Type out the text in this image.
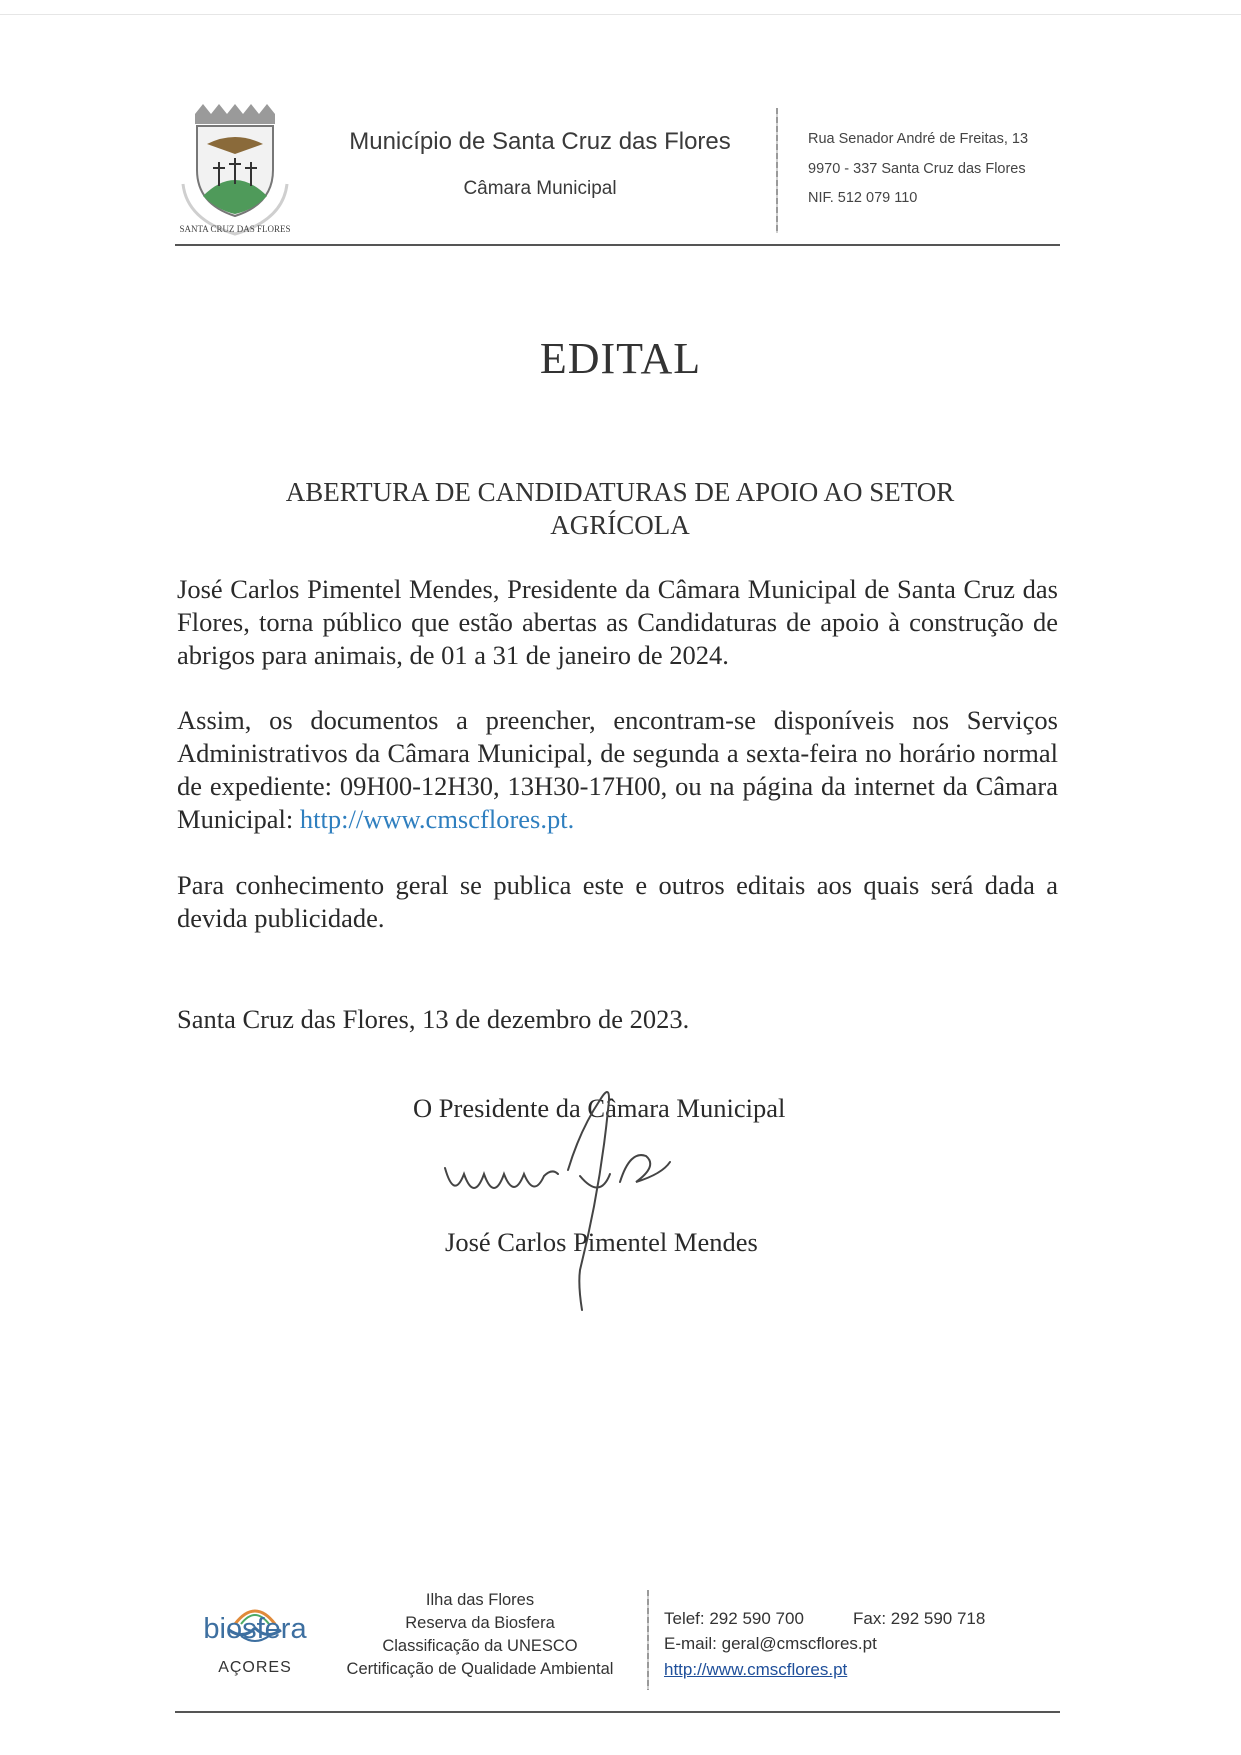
SANTA CRUZ DAS FLORES
Município de Santa Cruz das Flores
Câmara Municipal
Rua Senador André de Freitas, 13
9970 - 337 Santa Cruz das Flores
NIF. 512 079 110
EDITAL
ABERTURA DE CANDIDATURAS DE APOIO AO SETOR AGRÍCOLA
José Carlos Pimentel Mendes, Presidente da Câmara Municipal de Santa Cruz das Flores, torna público que estão abertas as Candidaturas de apoio à construção de abrigos para animais, de 01 a 31 de janeiro de 2024.
Assim, os documentos a preencher, encontram-se disponíveis nos Serviços Administrativos da Câmara Municipal, de segunda a sexta-feira no horário normal de expediente: 09H00-12H30, 13H30-17H00, ou na página da internet da Câmara Municipal: http://www.cmscflores.pt.
Para conhecimento geral se publica este e outros editais aos quais será dada a devida publicidade.
Santa Cruz das Flores, 13 de dezembro de 2023.
O Presidente da Câmara Municipal
José Carlos Pimentel Mendes
biosfera
AÇORES
Ilha das Flores
Reserva da Biosfera
Classificação da UNESCO
Certificação de Qualidade Ambiental
Telef: 292 590 700	Fax: 292 590 718
E-mail: geral@cmscflores.pt
http://www.cmscflores.pt
